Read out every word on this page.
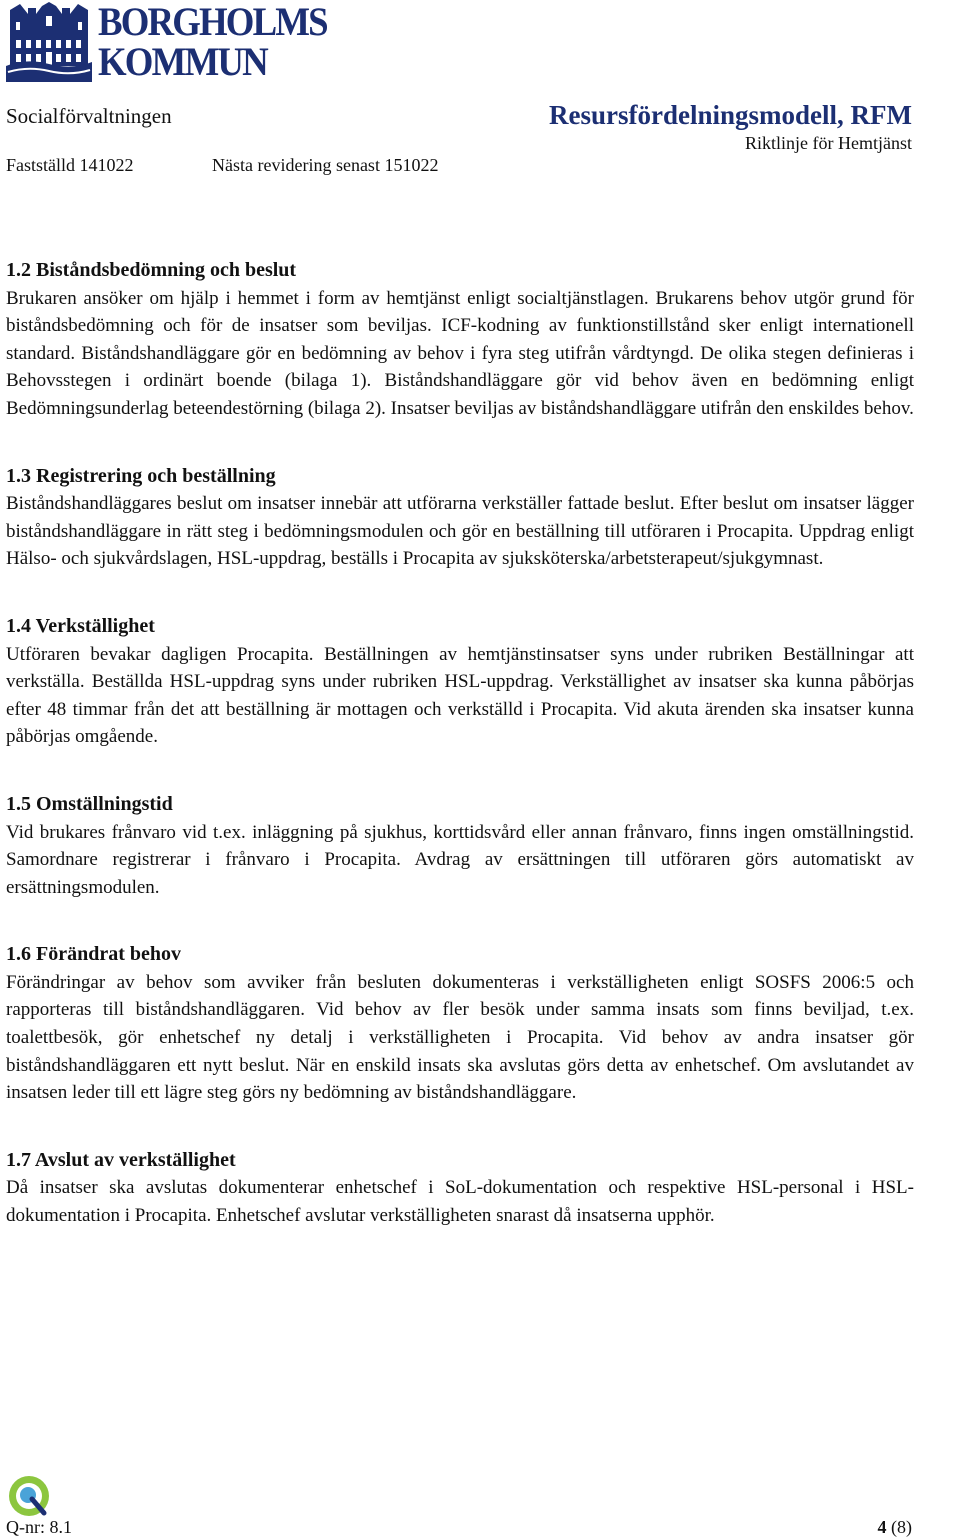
BORGHOLMS
KOMMUN
Socialförvaltningen	Resursfördelningsmodell, RFM
Riktlinje för Hemtjänst
Fastställd 141022	Nästa revidering senast 151022
1.2 Biståndsbedömning och beslut

Brukaren ansöker om hjälp i hemmet i form av hemtjänst enligt socialtjänstlagen. Brukarens behov utgör grund för biståndsbedömning och för de insatser som beviljas. ICF-kodning av funktionstillstånd sker enligt internationell standard. Biståndshandläggare gör en bedömning av behov i fyra steg utifrån vårdtyngd. De olika stegen definieras i Behovsstegen i ordinärt boende (bilaga 1). Biståndshandläggare gör vid behov även en bedömning enligt Bedömningsunderlag beteendestörning (bilaga 2). Insatser beviljas av biståndshandläggare utifrån den enskildes behov.

1.3 Registrering och beställning

Biståndshandläggares beslut om insatser innebär att utförarna verkställer fattade beslut. Efter beslut om insatser lägger biståndshandläggare in rätt steg i bedömningsmodulen och gör en beställning till utföraren i Procapita. Uppdrag enligt Hälso- och sjukvårdslagen, HSL-uppdrag, beställs i Procapita av sjuksköterska/arbetsterapeut/sjukgymnast.

1.4 Verkställighet

Utföraren bevakar dagligen Procapita. Beställningen av hemtjänstinsatser syns under rubriken Beställningar att verkställa. Beställda HSL-uppdrag syns under rubriken HSL-uppdrag. Verkställighet av insatser ska kunna påbörjas efter 48 timmar från det att beställning är mottagen och verkställd i Procapita. Vid akuta ärenden ska insatser kunna påbörjas omgående.

1.5 Omställningstid

Vid brukares frånvaro vid t.ex. inläggning på sjukhus, korttidsvård eller annan frånvaro, finns ingen omställningstid. Samordnare registrerar i frånvaro i Procapita. Avdrag av ersättningen till utföraren görs automatiskt av ersättningsmodulen.

1.6 Förändrat behov

Förändringar av behov som avviker från besluten dokumenteras i verkställigheten enligt SOSFS 2006:5 och rapporteras till biståndshandläggaren. Vid behov av fler besök under samma insats som finns beviljad, t.ex. toalettbesök, gör enhetschef ny detalj i verkställigheten i Procapita. Vid behov av andra insatser gör biståndshandläggaren ett nytt beslut. När en enskild insats ska avslutas görs detta av enhetschef. Om avslutandet av insatsen leder till ett lägre steg görs ny bedömning av biståndshandläggare.

1.7 Avslut av verkställighet

Då insatser ska avslutas dokumenterar enhetschef i SoL-dokumentation och respektive HSL-personal i HSL-dokumentation i Procapita. Enhetschef avslutar verkställigheten snarast då insatserna upphör.

Q-nr: 8.1	4 (8)
